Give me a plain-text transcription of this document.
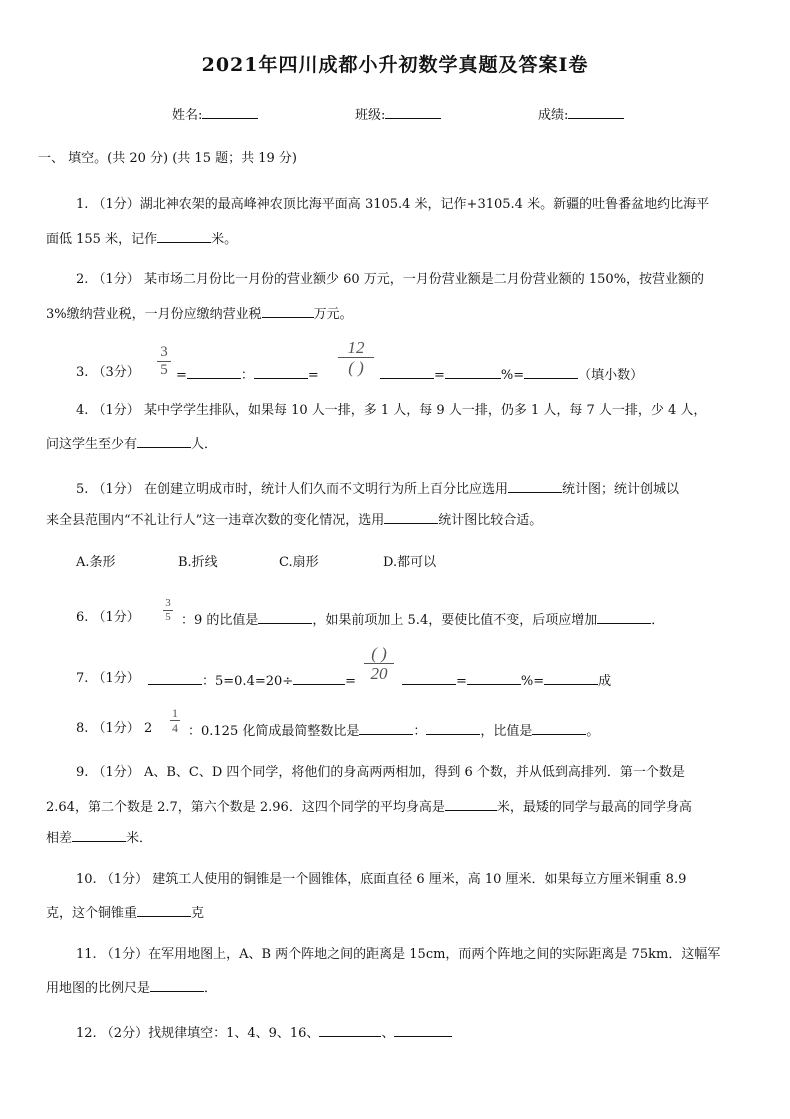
2021年四川成都小升初数学真题及答案Ⅰ卷
姓名:	班级:	成绩:
一、 填空。(共 20 分) (共 15 题；共 19 分)
1. （1分）湖北神农架的最高峰神农顶比海平面高 3105.4 米，记作+3105.4 米。新疆的吐鲁番盆地约比海平
面低 155 米，记作	米。
2. （1分） 某市场二月份比一月份的营业额少 60 万元，一月份营业额是二月份营业额的 150%，按营业额的
3%缴纳营业税，一月份应缴纳营业税	万元。
3. （3分）
3
5 =	：	=
12
( )	=	%=	（填小数）
4. （1分） 某中学学生排队，如果每 10 人一排，多 1 人，每 9 人一排，仍多 1 人，每 7 人一排，少 4 人，
问这学生至少有	人．
5. （1分） 在创建立明成市时，统计人们久而不文明行为所上百分比应选用	统计图；统计创城以
来全县范围内“不礼让行人”这一违章次数的变化情况，选用	统计图比较合适。
A.条形	B.折线	C.扇形	D.都可以
6. （1分）
3
5 ：9 的比值是	，如果前项加上 5.4，要使比值不变，后项应增加	．
7. （1分）	：5=0.4=20÷	=
( )
20	=	%=	成
8. （1分） 2
1
4 ：0.125 化简成最简整数比是	：	，比值是	。
9. （1分） A、B、C、D 四个同学，将他们的身高两两相加，得到 6 个数，并从低到高排列．第一个数是
2.64，第二个数是 2.7，第六个数是 2.96．这四个同学的平均身高是	米，最矮的同学与最高的同学身高
相差	米．
10. （1分） 建筑工人使用的铜锥是一个圆锥体，底面直径 6 厘米，高 10 厘米．如果每立方厘米铜重 8.9
克，这个铜锥重	克
11. （1分）在军用地图上，A、B 两个阵地之间的距离是 15cm，而两个阵地之间的实际距离是 75km．这幅军
用地图的比例尺是	．
12. （2分）找规律填空：1、4、9、16、	、
